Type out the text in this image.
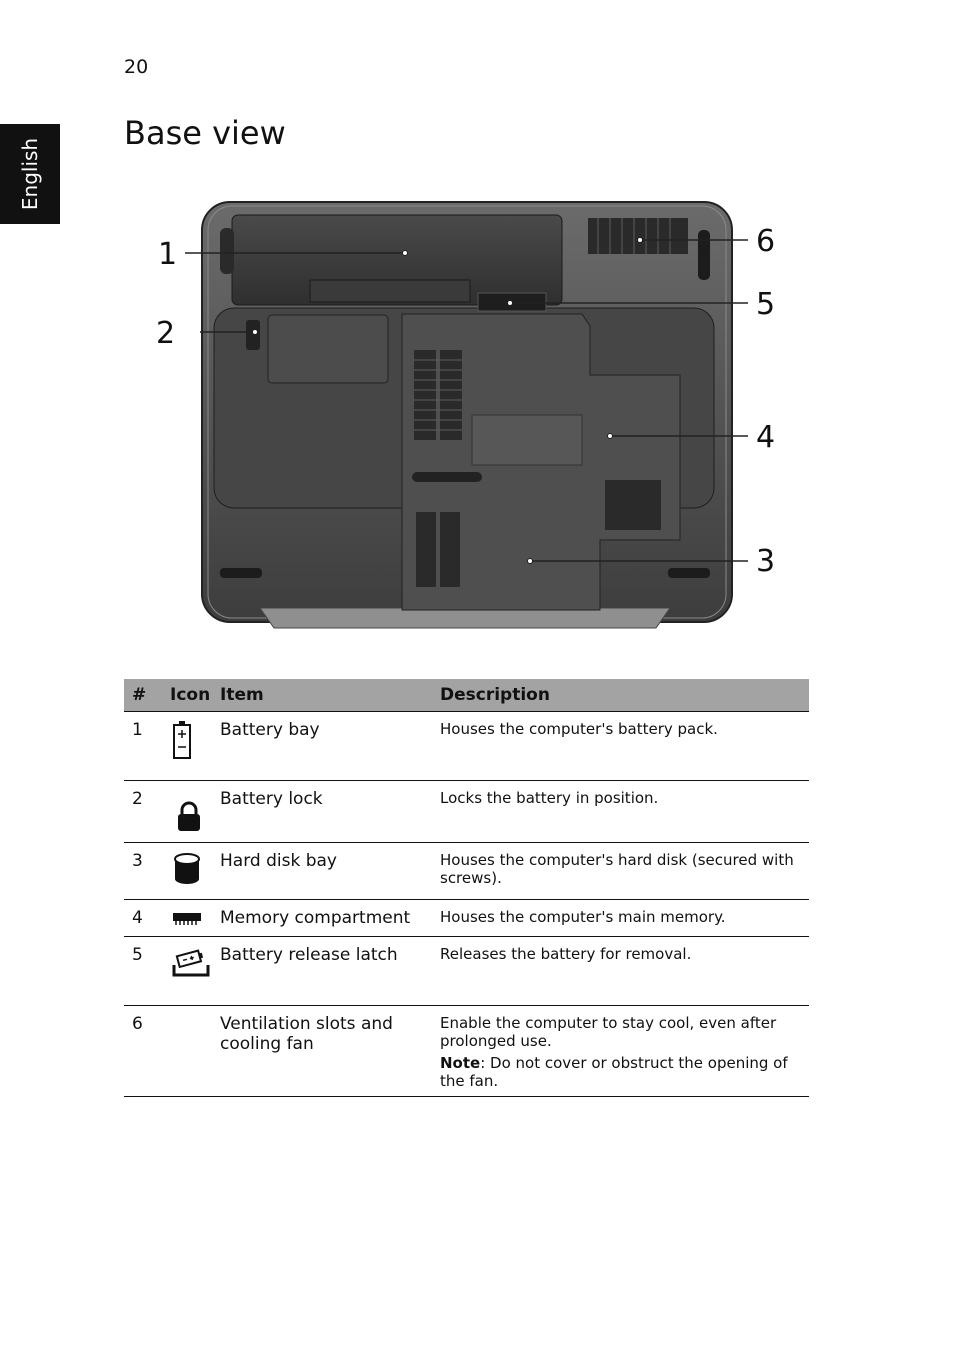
20
English
Base view
1
2
3
4
5
6
#	Icon	Item	Description
1		Battery bay	Houses the computer's battery pack.
2		Battery lock	Locks the battery in position.
3		Hard disk bay	Houses the computer's hard disk (secured with screws).
4		Memory compartment	Houses the computer's main memory.
5		Battery release latch	Releases the battery for removal.
6		Ventilation slots and cooling fan	Enable the computer to stay cool, even after prolonged use.
Note: Do not cover or obstruct the opening of the fan.
